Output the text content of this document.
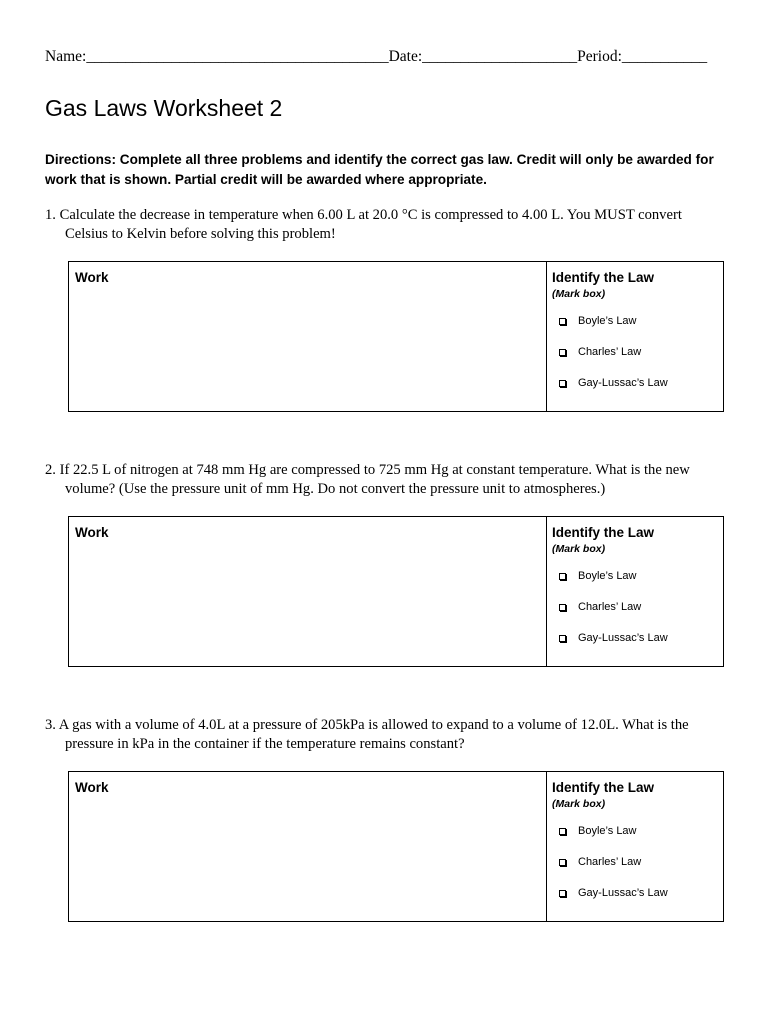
Name:_______________________________________Date:____________________Period:___________
Gas Laws Worksheet 2

Directions: Complete all three problems and identify the correct gas law. Credit will only be awarded for work that is shown. Partial credit will be awarded where appropriate.

1. Calculate the decrease in temperature when 6.00 L at 20.0 °C is compressed to 4.00 L. You MUST convert
Celsius to Kelvin before solving this problem!
Work	Identify the Law
(Mark box)
Boyle’s Law
Charles’ Law
Gay-Lussac’s Law
2. If 22.5 L of nitrogen at 748 mm Hg are compressed to 725 mm Hg at constant temperature. What is the new
volume? (Use the pressure unit of mm Hg. Do not convert the pressure unit to atmospheres.)
Work	Identify the Law
(Mark box)
Boyle’s Law
Charles’ Law
Gay-Lussac’s Law
3. A gas with a volume of 4.0L at a pressure of 205kPa is allowed to expand to a volume of 12.0L. What is the
pressure in kPa in the container if the temperature remains constant?
Work	Identify the Law
(Mark box)
Boyle’s Law
Charles’ Law
Gay-Lussac’s Law
